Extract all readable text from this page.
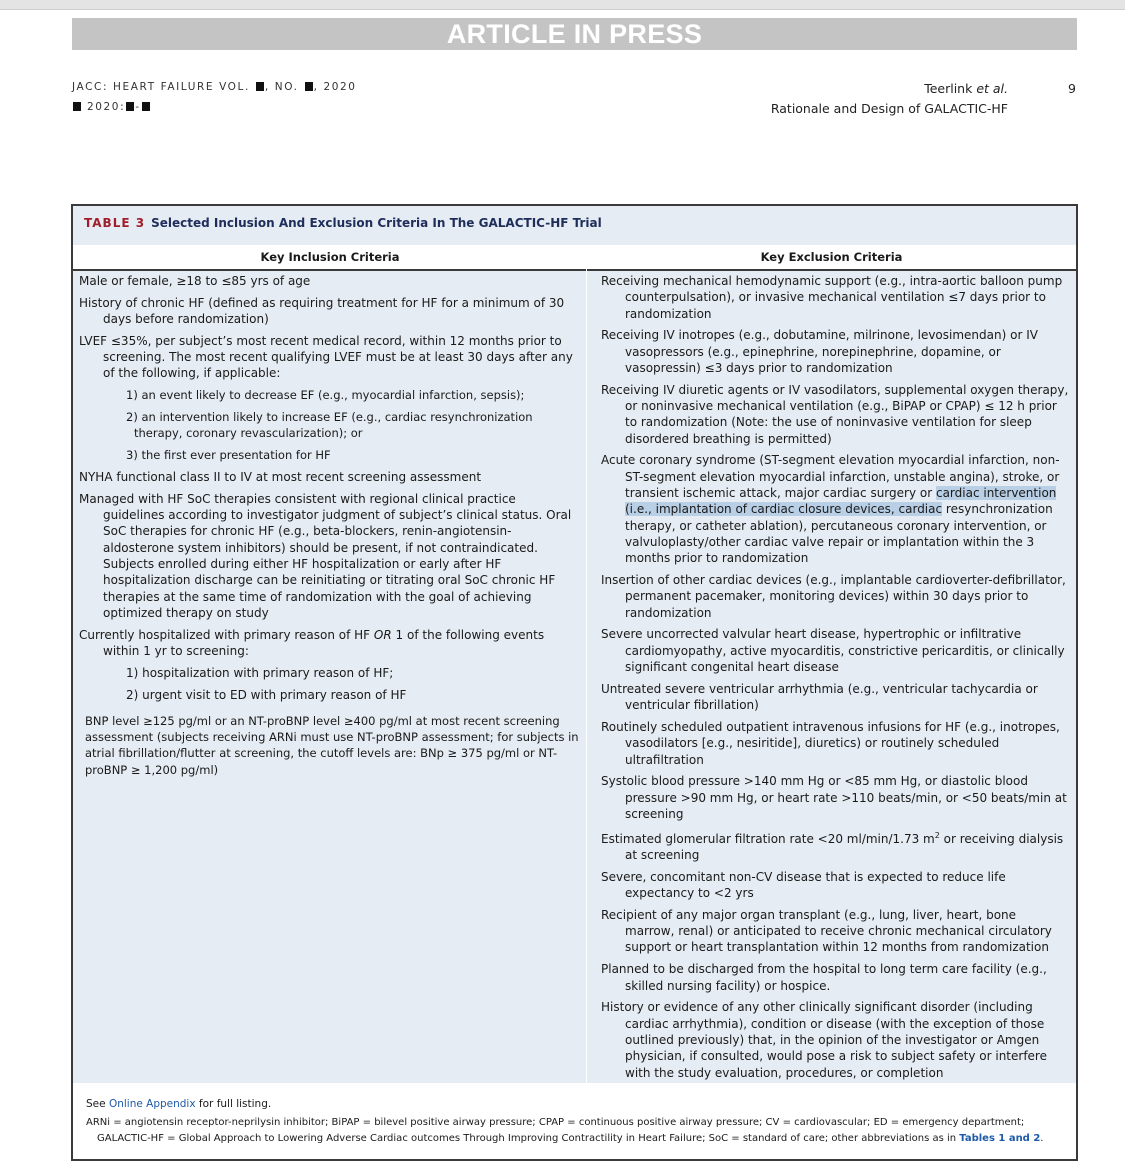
ARTICLE IN PRESS
JACC: HEART FAILURE VOL. , NO. , 2020
2020: -
Teerlink et al.
Rationale and Design of GALACTIC-HF
9
TABLE 3 Selected Inclusion And Exclusion Criteria In The GALACTIC-HF Trial
Key Inclusion Criteria	Key Exclusion Criteria
Male or female, ≥18 to ≤85 yrs of age
History of chronic HF (defined as requiring treatment for HF for a minimum of 30 days before randomization)
LVEF ≤35%, per subject’s most recent medical record, within 12 months prior to screening. The most recent qualifying LVEF must be at least 30 days after any of the following, if applicable:
1) an event likely to decrease EF (e.g., myocardial infarction, sepsis);
2) an intervention likely to increase EF (e.g., cardiac resynchronization therapy, coronary revascularization); or
3) the first ever presentation for HF
NYHA functional class II to IV at most recent screening assessment
Managed with HF SoC therapies consistent with regional clinical practice guidelines according to investigator judgment of subject’s clinical status. Oral SoC therapies for chronic HF (e.g., beta-blockers, renin-angiotensin-aldosterone system inhibitors) should be present, if not contraindicated. Subjects enrolled during either HF hospitalization or early after HF hospitalization discharge can be reinitiating or titrating oral SoC chronic HF therapies at the same time of randomization with the goal of achieving optimized therapy on study
Currently hospitalized with primary reason of HF OR 1 of the following events within 1 yr to screening:
1) hospitalization with primary reason of HF;
2) urgent visit to ED with primary reason of HF
BNP level ≥125 pg/ml or an NT-proBNP level ≥400 pg/ml at most recent screening assessment (subjects receiving ARNi must use NT-proBNP assessment; for subjects in atrial fibrillation/flutter at screening, the cutoff levels are: BNp ≥ 375 pg/ml or NT-proBNP ≥ 1,200 pg/ml)
Receiving mechanical hemodynamic support (e.g., intra-aortic balloon pump counterpulsation), or invasive mechanical ventilation ≤7 days prior to randomization
Receiving IV inotropes (e.g., dobutamine, milrinone, levosimendan) or IV vasopressors (e.g., epinephrine, norepinephrine, dopamine, or vasopressin) ≤3 days prior to randomization
Receiving IV diuretic agents or IV vasodilators, supplemental oxygen therapy, or noninvasive mechanical ventilation (e.g., BiPAP or CPAP) ≤ 12 h prior to randomization (Note: the use of noninvasive ventilation for sleep disordered breathing is permitted)
Acute coronary syndrome (ST-segment elevation myocardial infarction, non-ST-segment elevation myocardial infarction, unstable angina), stroke, or transient ischemic attack, major cardiac surgery or cardiac intervention (i.e., implantation of cardiac closure devices, cardiac resynchronization therapy, or catheter ablation), percutaneous coronary intervention, or valvuloplasty/other cardiac valve repair or implantation within the 3 months prior to randomization
Insertion of other cardiac devices (e.g., implantable cardioverter-defibrillator, permanent pacemaker, monitoring devices) within 30 days prior to randomization
Severe uncorrected valvular heart disease, hypertrophic or infiltrative cardiomyopathy, active myocarditis, constrictive pericarditis, or clinically significant congenital heart disease
Untreated severe ventricular arrhythmia (e.g., ventricular tachycardia or ventricular fibrillation)
Routinely scheduled outpatient intravenous infusions for HF (e.g., inotropes, vasodilators [e.g., nesiritide], diuretics) or routinely scheduled ultrafiltration
Systolic blood pressure >140 mm Hg or <85 mm Hg, or diastolic blood pressure >90 mm Hg, or heart rate >110 beats/min, or <50 beats/min at screening
Estimated glomerular filtration rate <20 ml/min/1.73 $m^2$ or receiving dialysis at screening
Severe, concomitant non-CV disease that is expected to reduce life expectancy to <2 yrs
Recipient of any major organ transplant (e.g., lung, liver, heart, bone marrow, renal) or anticipated to receive chronic mechanical circulatory support or heart transplantation within 12 months from randomization
Planned to be discharged from the hospital to long term care facility (e.g., skilled nursing facility) or hospice.
History or evidence of any other clinically significant disorder (including cardiac arrhythmia), condition or disease (with the exception of those outlined previously) that, in the opinion of the investigator or Amgen physician, if consulted, would pose a risk to subject safety or interfere with the study evaluation, procedures, or completion
See Online Appendix for full listing.
ARNi = angiotensin receptor-neprilysin inhibitor; BiPAP = bilevel positive airway pressure; CPAP = continuous positive airway pressure; CV = cardiovascular; ED = emergency department; GALACTIC-HF = Global Approach to Lowering Adverse Cardiac outcomes Through Improving Contractility in Heart Failure; SoC = standard of care; other abbreviations as in Tables 1 and 2.
